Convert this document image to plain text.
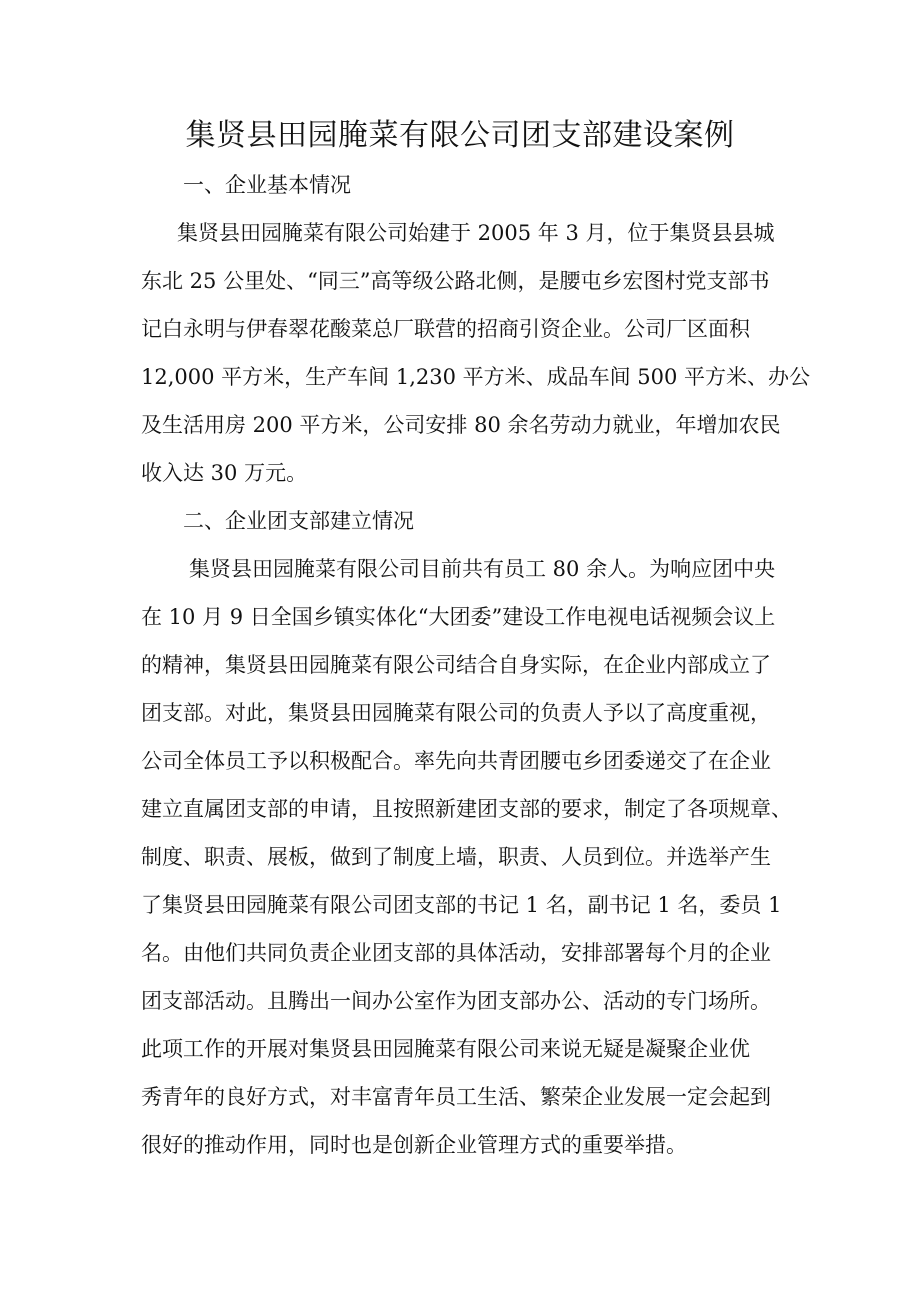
集贤县田园腌菜有限公司团支部建设案例
一、企业基本情况
集贤县田园腌菜有限公司始建于 2005 年 3 月，位于集贤县县城
东北 25 公里处、“同三”高等级公路北侧，是腰屯乡宏图村党支部书
记白永明与伊春翠花酸菜总厂联营的招商引资企业。公司厂区面积
12,000 平方米，生产车间 1,230 平方米、成品车间 500 平方米、办公
及生活用房 200 平方米，公司安排 80 余名劳动力就业，年增加农民
收入达 30 万元。
二、企业团支部建立情况
集贤县田园腌菜有限公司目前共有员工 80 余人。为响应团中央
在 10 月 9 日全国乡镇实体化“大团委”建设工作电视电话视频会议上
的精神，集贤县田园腌菜有限公司结合自身实际，在企业内部成立了
团支部。对此，集贤县田园腌菜有限公司的负责人予以了高度重视，
公司全体员工予以积极配合。率先向共青团腰屯乡团委递交了在企业
建立直属团支部的申请，且按照新建团支部的要求，制定了各项规章、
制度、职责、展板，做到了制度上墙，职责、人员到位。并选举产生
了集贤县田园腌菜有限公司团支部的书记 1 名，副书记 1 名，委员 1
名。由他们共同负责企业团支部的具体活动，安排部署每个月的企业
团支部活动。且腾出一间办公室作为团支部办公、活动的专门场所。
此项工作的开展对集贤县田园腌菜有限公司来说无疑是凝聚企业优
秀青年的良好方式，对丰富青年员工生活、繁荣企业发展一定会起到
很好的推动作用，同时也是创新企业管理方式的重要举措。
